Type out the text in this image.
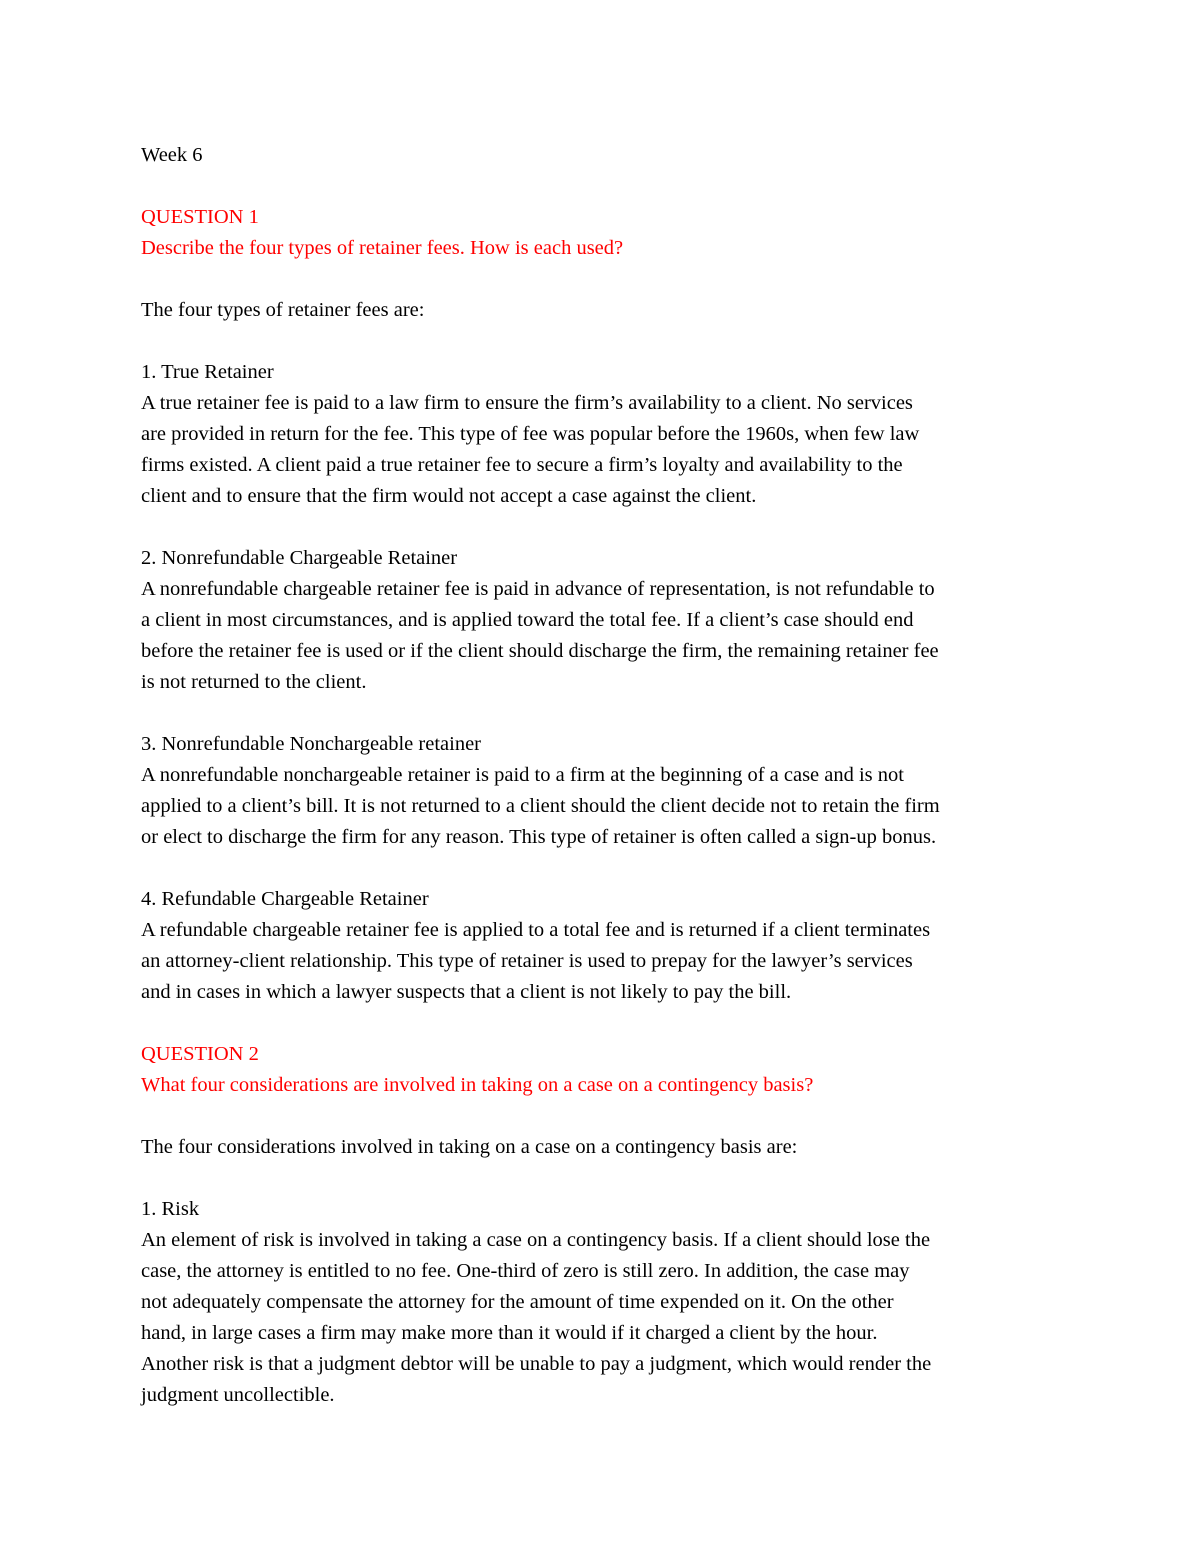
Week 6

QUESTION 1

Describe the four types of retainer fees. How is each used?

The four types of retainer fees are:

1. True Retainer

A true retainer fee is paid to a law firm to ensure the firm’s availability to a client. No services

are provided in return for the fee. This type of fee was popular before the 1960s, when few law

firms existed. A client paid a true retainer fee to secure a firm’s loyalty and availability to the

client and to ensure that the firm would not accept a case against the client.

2. Nonrefundable Chargeable Retainer

A nonrefundable chargeable retainer fee is paid in advance of representation, is not refundable to

a client in most circumstances, and is applied toward the total fee. If a client’s case should end

before the retainer fee is used or if the client should discharge the firm, the remaining retainer fee

is not returned to the client.

3. Nonrefundable Nonchargeable retainer

A nonrefundable nonchargeable retainer is paid to a firm at the beginning of a case and is not

applied to a client’s bill. It is not returned to a client should the client decide not to retain the firm

or elect to discharge the firm for any reason. This type of retainer is often called a sign-up bonus.

4. Refundable Chargeable Retainer

A refundable chargeable retainer fee is applied to a total fee and is returned if a client terminates

an attorney-client relationship. This type of retainer is used to prepay for the lawyer’s services

and in cases in which a lawyer suspects that a client is not likely to pay the bill.

QUESTION 2

What four considerations are involved in taking on a case on a contingency basis?

The four considerations involved in taking on a case on a contingency basis are:

1. Risk

An element of risk is involved in taking a case on a contingency basis. If a client should lose the

case, the attorney is entitled to no fee. One-third of zero is still zero. In addition, the case may

not adequately compensate the attorney for the amount of time expended on it. On the other

hand, in large cases a firm may make more than it would if it charged a client by the hour.

Another risk is that a judgment debtor will be unable to pay a judgment, which would render the

judgment uncollectible.
